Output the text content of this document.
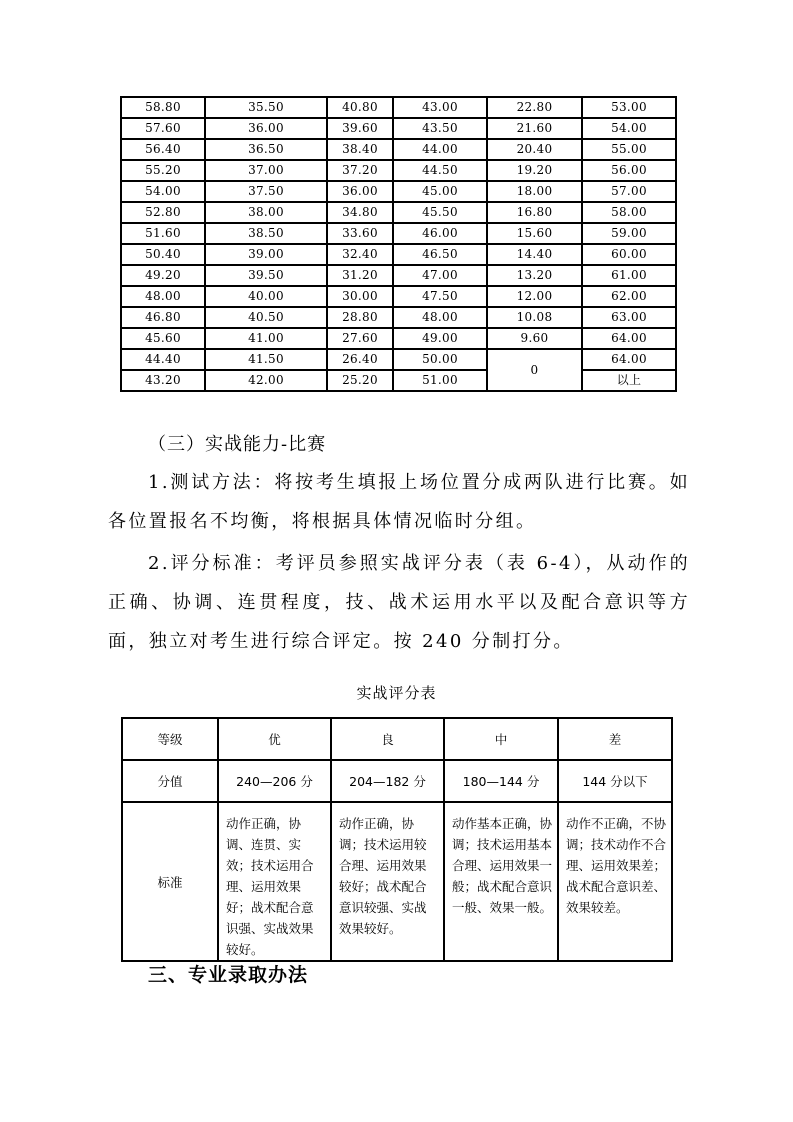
58.80	35.50	40.80	43.00	22.80	53.00
57.60	36.00	39.60	43.50	21.60	54.00
56.40	36.50	38.40	44.00	20.40	55.00
55.20	37.00	37.20	44.50	19.20	56.00
54.00	37.50	36.00	45.00	18.00	57.00
52.80	38.00	34.80	45.50	16.80	58.00
51.60	38.50	33.60	46.00	15.60	59.00
50.40	39.00	32.40	46.50	14.40	60.00
49.20	39.50	31.20	47.00	13.20	61.00
48.00	40.00	30.00	47.50	12.00	62.00
46.80	40.50	28.80	48.00	10.08	63.00
45.60	41.00	27.60	49.00	9.60	64.00
44.40	41.50	26.40	50.00	0	64.00
43.20	42.00	25.20	51.00		以上
（三）实战能力-比赛

1.测试方法：将按考生填报上场位置分成两队进行比赛。如各位置报名不均衡，将根据具体情况临时分组。

2.评分标准：考评员参照实战评分表（表 6-4），从动作的正确、协调、连贯程度，技、战术运用水平以及配合意识等方面，独立对考生进行综合评定。按 240 分制打分。

实战评分表

等级	优	良	中	差
分值	240—206 分	204—182 分	180—144 分	144 分以下
标准	动作正确，协调、连贯、实效；技术运用合理、运用效果好；战术配合意识强、实战效果较好。	动作正确，协调；技术运用较合理、运用效果较好；战术配合意识较强、实战效果较好。	动作基本正确，协调；技术运用基本合理、运用效果一般；战术配合意识一般、效果一般。	动作不正确，不协调；技术动作不合理、运用效果差；战术配合意识差、效果较差。
三、专业录取办法
